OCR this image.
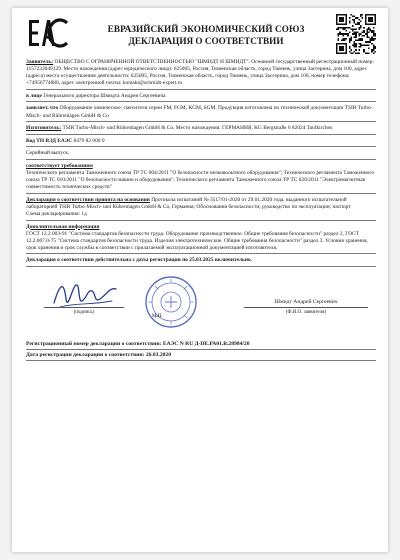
ЕВРАЗИЙСКИЙ ЭКОНОМИЧЕСКИЙ СОЮЗ
ДЕКЛАРАЦИЯ О СООТВЕТСТВИИ
Заявитель: ОБЩЕСТВО С ОГРАНИЧЕННОЙ ОТВЕТСТВЕННОСТЬЮ "ШМИДТ И ШМИДТ". Основной государственный регистрационный номер: 1157232049129. Место нахождения (адрес юридического лица): 625005, Россия, Тюменская область, город Тюмень, улица Засгерина, дом 100, адрес (адреса) места осуществления деятельности: 625005, Россия, Тюменская область, город Тюмень, улица Засгерина, дом 100, номер телефона: +74956774880, адрес электронной почты: kontakt@schmidt-expert.ru
в лице Генерального директора Шмидта Андрея Сергеевича
заявляет, что Оборудование химическое: смесители серии FM, FGM, KGM, SGM. Продукция изготовлена по технической документации TSIR Turbo-Misch- und Rührenlagen GmbH & Co
Изготовитель: TSIR Turbo-Misch- und Rührenlagen GmbH & Co. Место нахождения: ГЕРМАНИЯ, KG Bergstraße 6 82024 Taufkirchen
Код ТН ВЭД ЕАЭС 8479 82 000 0
Серийный выпуск.

соответствует требованиям

Технического регламента Таможенного союза ТР ТС 004/2011 "О безопасности низковольтного оборудования"; Технического регламента Таможенного союза ТР ТС 010/2011 "О безопасности машин и оборудования"; Технического регламента Таможенного союза ТР ТС 020/2011 "Электромагнитная совместимость технических средств"

Декларация о соответствии принята на основании Протокола испытаний № 3517/01-2020 от 29.01.2020 года, выданного испытательной лабораторией TSIR Turbo-Misch- und Rührenlagen GmbH & Co, Германия; Обоснования безопасности; руководство по эксплуатации; паспорт

Схема декларирования: 1д

Дополнительная информация

ГОСТ 12.2.003-91 "Система стандартов безопасности труда. Оборудование производственное. Общие требования безопасности" раздел 2, ГОСТ 12.2.007.0-75 "Система стандартов безопасности труда. Изделия электротехнические. Общие требования безопасности" раздел 3. Условия хранения, срок хранения и срок службы в соответствии с прилагаемой эксплуатационной документацией изготовителя.

Декларация о соответствии действительна с даты регистрации по 25.03.2025 включительно.
(подпись)
М.П.
Шмидт Андрей Сергеевич
(Ф.И.О. заявителя)
Регистрационный номер декларации о соответствии: ЕАЭС N RU Д-DE.РА01.В.28984/20
Дата регистрации декларации о соответствии: 26.03.2020
